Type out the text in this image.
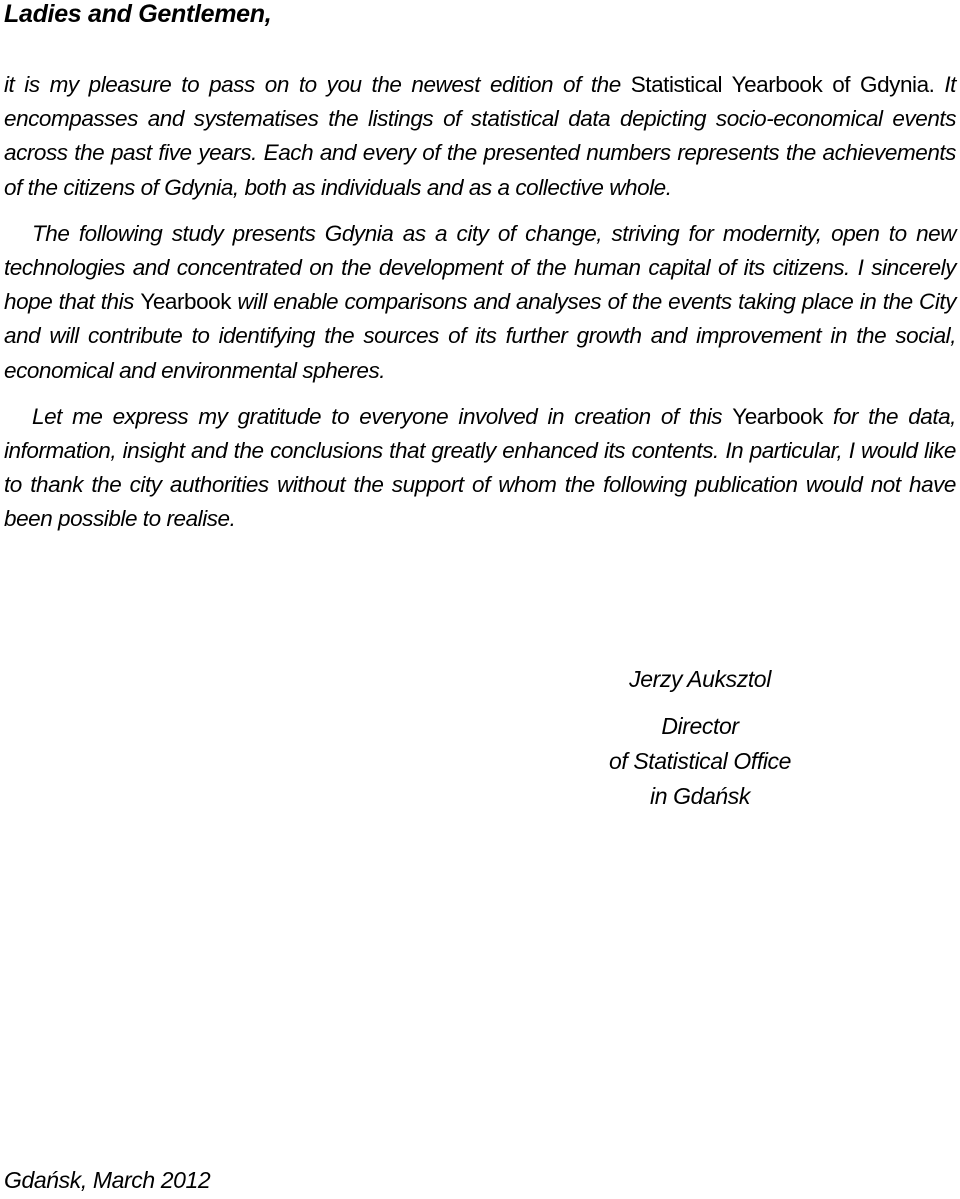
Ladies and Gentlemen,

it is my pleasure to pass on to you the newest edition of the Statistical Yearbook of Gdynia. It encompasses and systematises the listings of statistical data depicting socio-economical events across the past five years. Each and every of the presented numbers represents the achievements of the citizens of Gdynia, both as individuals and as a collective whole.

The following study presents Gdynia as a city of change, striving for modernity, open to new technologies and concentrated on the development of the human capital of its citizens. I sincerely hope that this Yearbook will enable comparisons and analyses of the events taking place in the City and will contribute to identifying the sources of its further growth and improvement in the social, economical and environmental spheres.

Let me express my gratitude to everyone involved in creation of this Yearbook for the data, information, insight and the conclusions that greatly enhanced its contents. In particular, I would like to thank the city authorities without the support of whom the following publication would not have been possible to realise.

Jerzy Auksztol
Director
of Statistical Office
in Gdańsk

Gdańsk, March 2012
